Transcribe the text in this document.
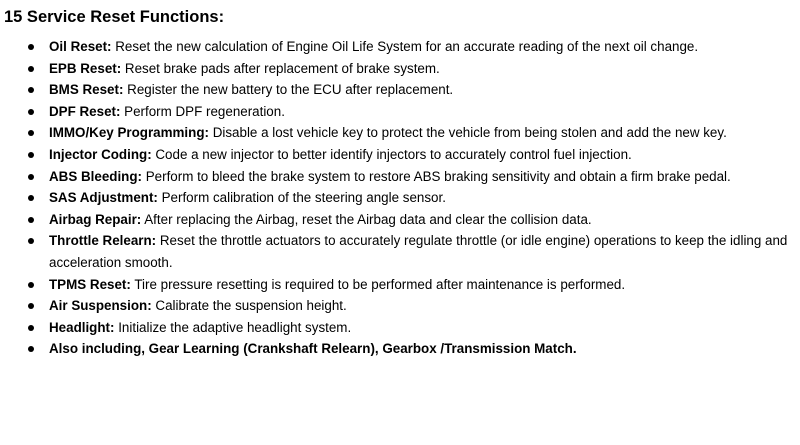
15 Service Reset Functions:
Oil Reset: Reset the new calculation of Engine Oil Life System for an accurate reading of the next oil change.
EPB Reset: Reset brake pads after replacement of brake system.
BMS Reset: Register the new battery to the ECU after replacement.
DPF Reset: Perform DPF regeneration.
IMMO/Key Programming: Disable a lost vehicle key to protect the vehicle from being stolen and add the new key.
Injector Coding: Code a new injector to better identify injectors to accurately control fuel injection.
ABS Bleeding: Perform to bleed the brake system to restore ABS braking sensitivity and obtain a firm brake pedal.
SAS Adjustment: Perform calibration of the steering angle sensor.
Airbag Repair: After replacing the Airbag, reset the Airbag data and clear the collision data.
Throttle Relearn: Reset the throttle actuators to accurately regulate throttle (or idle engine) operations to keep the idling and acceleration smooth.
TPMS Reset: Tire pressure resetting is required to be performed after maintenance is performed.
Air Suspension: Calibrate the suspension height.
Headlight: Initialize the adaptive headlight system.
Also including, Gear Learning (Crankshaft Relearn), Gearbox /Transmission Match.
